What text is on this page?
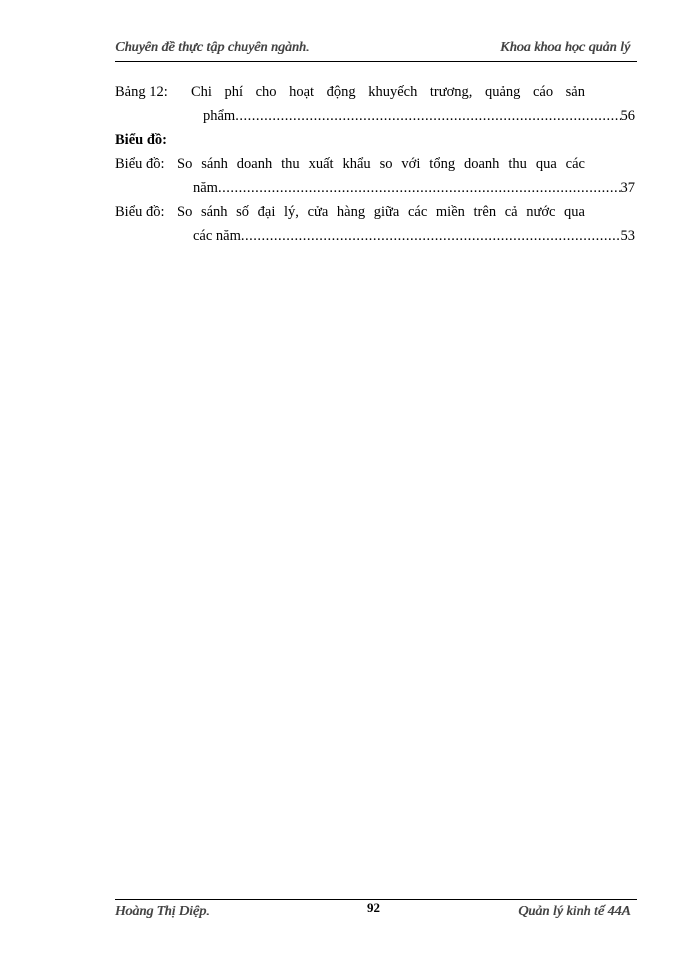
Chuyên đề thực tập chuyên ngành.	Khoa khoa học quản lý
Bảng 12: Chi phí cho hoạt động khuyếch trương, quảng cáo sản
phẩm .....	56
Biểu đồ:
Biểu đồ: So sánh doanh thu xuất khẩu so với tổng doanh thu qua các
năm .....	37
Biểu đồ: So sánh số đại lý, cửa hàng giữa các miền trên cả nước qua
các năm .....	53
Hoàng Thị Diệp.	92	Quản lý kinh tế 44A
